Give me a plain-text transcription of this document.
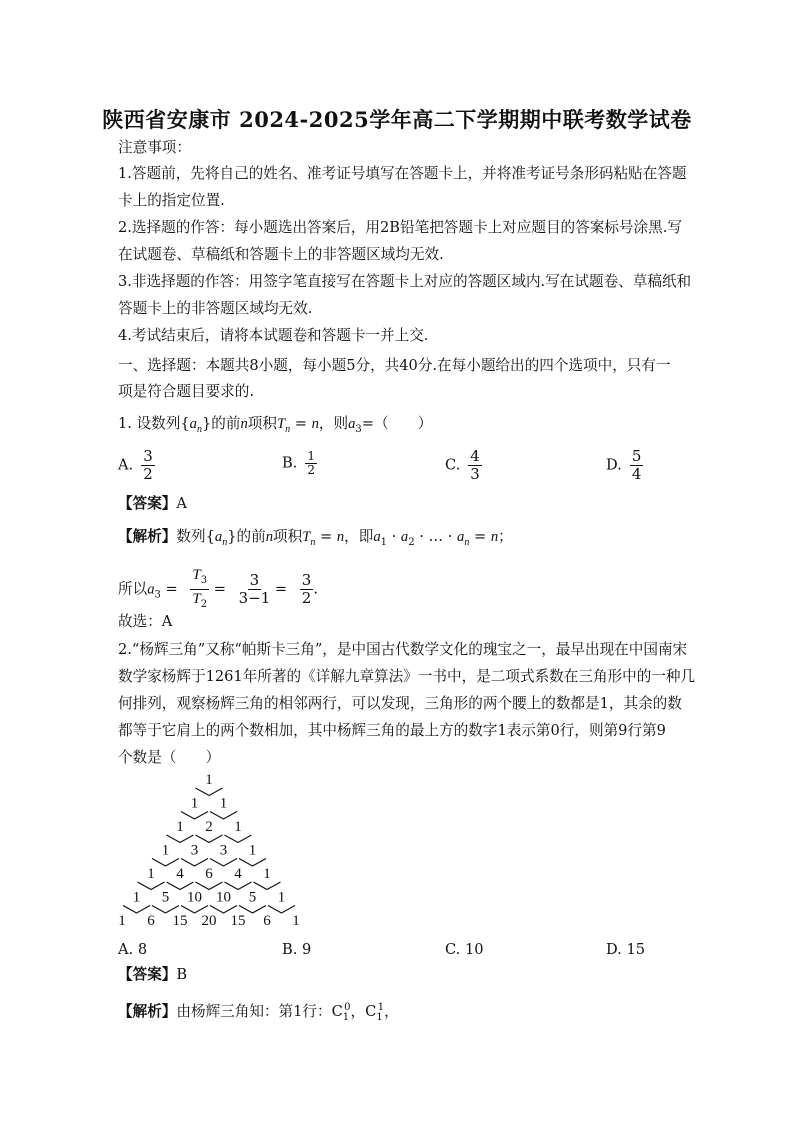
陕西省安康市 2024-2025学年高二下学期期中联考数学试卷
注意事项：
1.答题前，先将自己的姓名、准考证号填写在答题卡上，并将准考证号条形码粘贴在答题
卡上的指定位置.
2.选择题的作答：每小题选出答案后，用2B铅笔把答题卡上对应题目的答案标号涂黑.写
在试题卷、草稿纸和答题卡上的非答题区域均无效.
3.非选择题的作答：用签字笔直接写在答题卡上对应的答题区域内.写在试题卷、草稿纸和
答题卡上的非答题区域均无效.
4.考试结束后，请将本试题卷和答题卡一并上交.
一、选择题：本题共8小题，每小题5分，共40分.在每小题给出的四个选项中，只有一
项是符合题目要求的.
1. 设数列$\{a_n\}$的前n项积$T_n = n$，则$a_3=$（　　）
A. $\frac{3}{2}$	B. $\frac{1}{2}$	C. $\frac{4}{3}$	D. $\frac{5}{4}$
【答案】A
【解析】数列$\{a_n\}$的前n项积$T_n = n$，即$a_1 \cdot a_2$ · … · $a_n = n$；
所以$a_3 = \frac{T_3}{T_2} = \frac{3}{3-1} = \frac{3}{2}$ .
故选：A
2.“杨辉三角”又称“帕斯卡三角”，是中国古代数学文化的瑰宝之一，最早出现在中国南宋
数学家杨辉于1261年所著的《详解九章算法》一书中，是二项式系数在三角形中的一种几
何排列，观察杨辉三角的相邻两行，可以发现，三角形的两个腰上的数都是1，其余的数
都等于它肩上的两个数相加，其中杨辉三角的最上方的数字1表示第0行，则第9行第9
个数是（　　）
1
1 1
1 2 1
1 3 3 1
1 4 6 4 1
1 5 10 10 5 1
1 6 15 20 15 6 1
A. 8	B. 9	C. 10	D. 15
【答案】B
【解析】由杨辉三角知：第1行：$C_1^0$，$C_1^1$，
